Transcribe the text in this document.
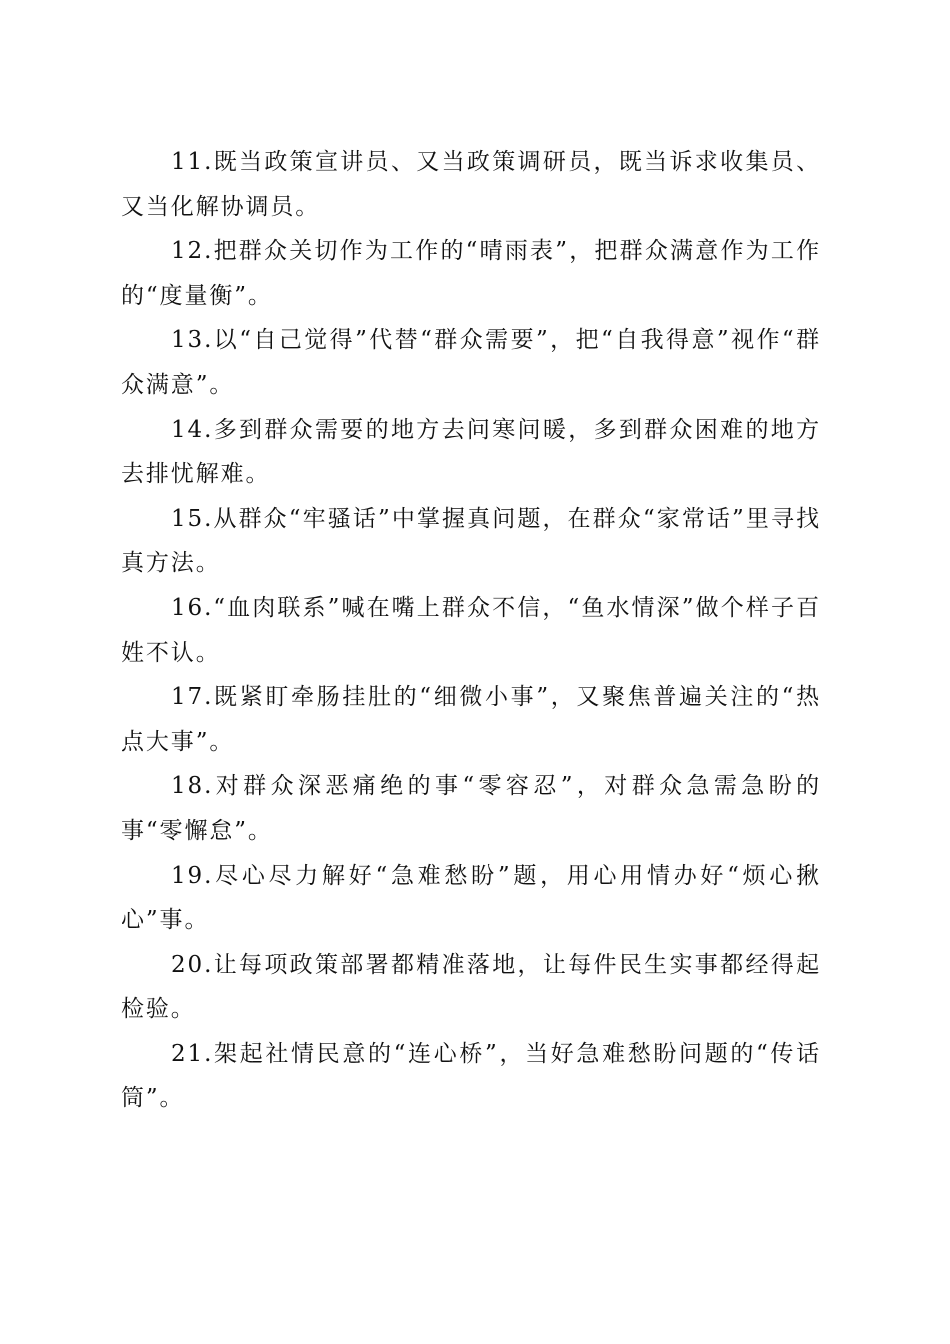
11.既当政策宣讲员、又当政策调研员，既当诉求收集员、又当化解协调员。

12.把群众关切作为工作的“晴雨表”，把群众满意作为工作的“度量衡”。

13.以“自己觉得”代替“群众需要”，把“自我得意”视作“群众满意”。

14.多到群众需要的地方去问寒问暖，多到群众困难的地方去排忧解难。

15.从群众“牢骚话”中掌握真问题，在群众“家常话”里寻找真方法。

16.“血肉联系”喊在嘴上群众不信，“鱼水情深”做个样子百姓不认。

17.既紧盯牵肠挂肚的“细微小事”，又聚焦普遍关注的“热点大事”。

18.对群众深恶痛绝的事“零容忍”，对群众急需急盼的事“零懈怠”。

19.尽心尽力解好“急难愁盼”题，用心用情办好“烦心揪心”事。

20.让每项政策部署都精准落地，让每件民生实事都经得起检验。

21.架起社情民意的“连心桥”，当好急难愁盼问题的“传话筒”。
